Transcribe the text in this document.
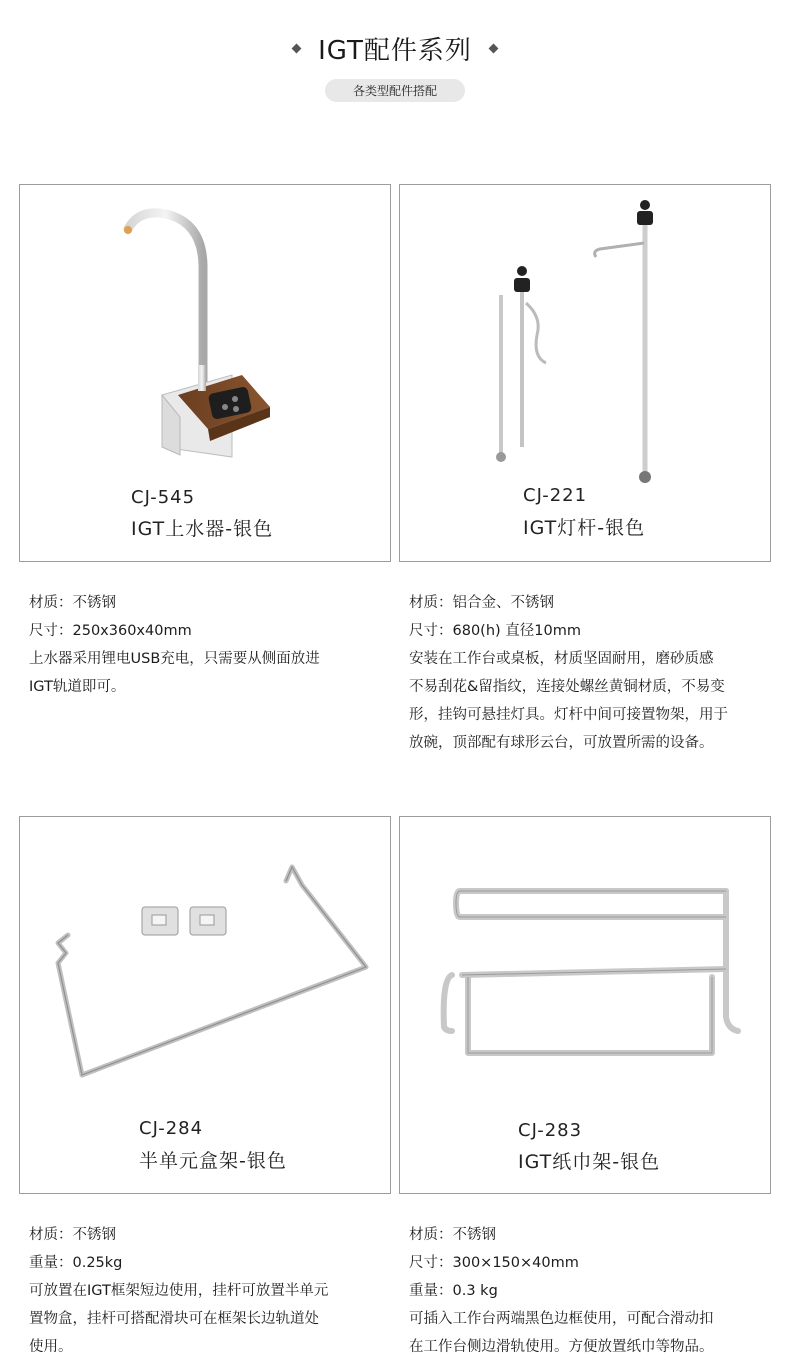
IGT配件系列
各类型配件搭配
CJ-545
IGT上水器-银色
CJ-221
IGT灯杆-银色

材质：不锈钢

尺寸：250x360x40mm

上水器采用锂电USB充电，只需要从侧面放进

IGT轨道即可。

材质：铝合金、不锈钢

尺寸：680(h) 直径10mm

安装在工作台或桌板，材质坚固耐用，磨砂质感

不易刮花&留指纹，连接处螺丝黄铜材质，不易变

形，挂钩可悬挂灯具。灯杆中间可接置物架，用于

放碗，顶部配有球形云台，可放置所需的设备。

CJ-284
半单元盒架-银色
CJ-283
IGT纸巾架-银色

材质：不锈钢

重量：0.25kg

可放置在IGT框架短边使用，挂杆可放置半单元

置物盒，挂杆可搭配滑块可在框架长边轨道处

使用。

材质：不锈钢

尺寸：300×150×40mm

重量：0.3 kg

可插入工作台两端黑色边框使用，可配合滑动扣

在工作台侧边滑轨使用。方便放置纸巾等物品。
